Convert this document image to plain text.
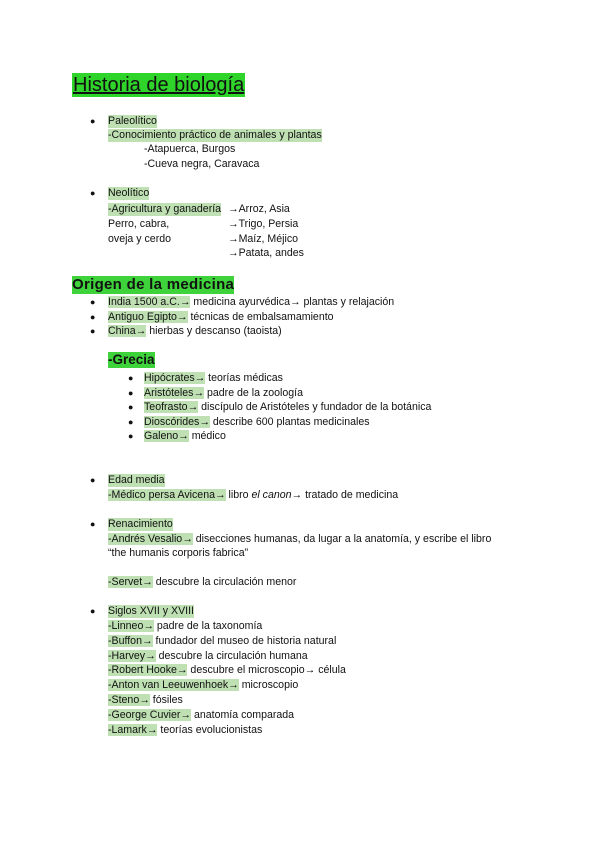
Historia de biología
● Paleolítico
-Conocimiento práctico de animales y plantas
-Atapuerca, Burgos
-Cueva negra, Caravaca
● Neolítico
-Agricultura y ganadería
Perro, cabra,
oveja y cerdo
→Arroz, Asia
→Trigo, Persia
→Maíz, Méjico
→Patata, andes
Origen de la medicina
● India 1500 a.C.→ medicina ayurvédica→ plantas y relajación
● Antiguo Egipto→ técnicas de embalsamamiento
● China→ hierbas y descanso (taoista)
-Grecia
● Hipócrates→ teorías médicas
● Aristóteles→ padre de la zoología
● Teofrasto→ discípulo de Aristóteles y fundador de la botánica
● Dioscórides→ describe 600 plantas medicinales
● Galeno→ médico
● Edad media
-Médico persa Avicena→ libro el canon→ tratado de medicina
● Renacimiento
-Andrés Vesalio→ disecciones humanas, da lugar a la anatomía, y escribe el libro
“the humanis corporis fabrica”
-Servet→ descubre la circulación menor
● Siglos XVII y XVIII
-Linneo→ padre de la taxonomía
-Buffon→ fundador del museo de historia natural
-Harvey→ descubre la circulación humana
-Robert Hooke→ descubre el microscopio→ célula
-Anton van Leeuwenhoek→ microscopio
-Steno→ fósiles
-George Cuvier→ anatomía comparada
-Lamark→ teorías evolucionistas
